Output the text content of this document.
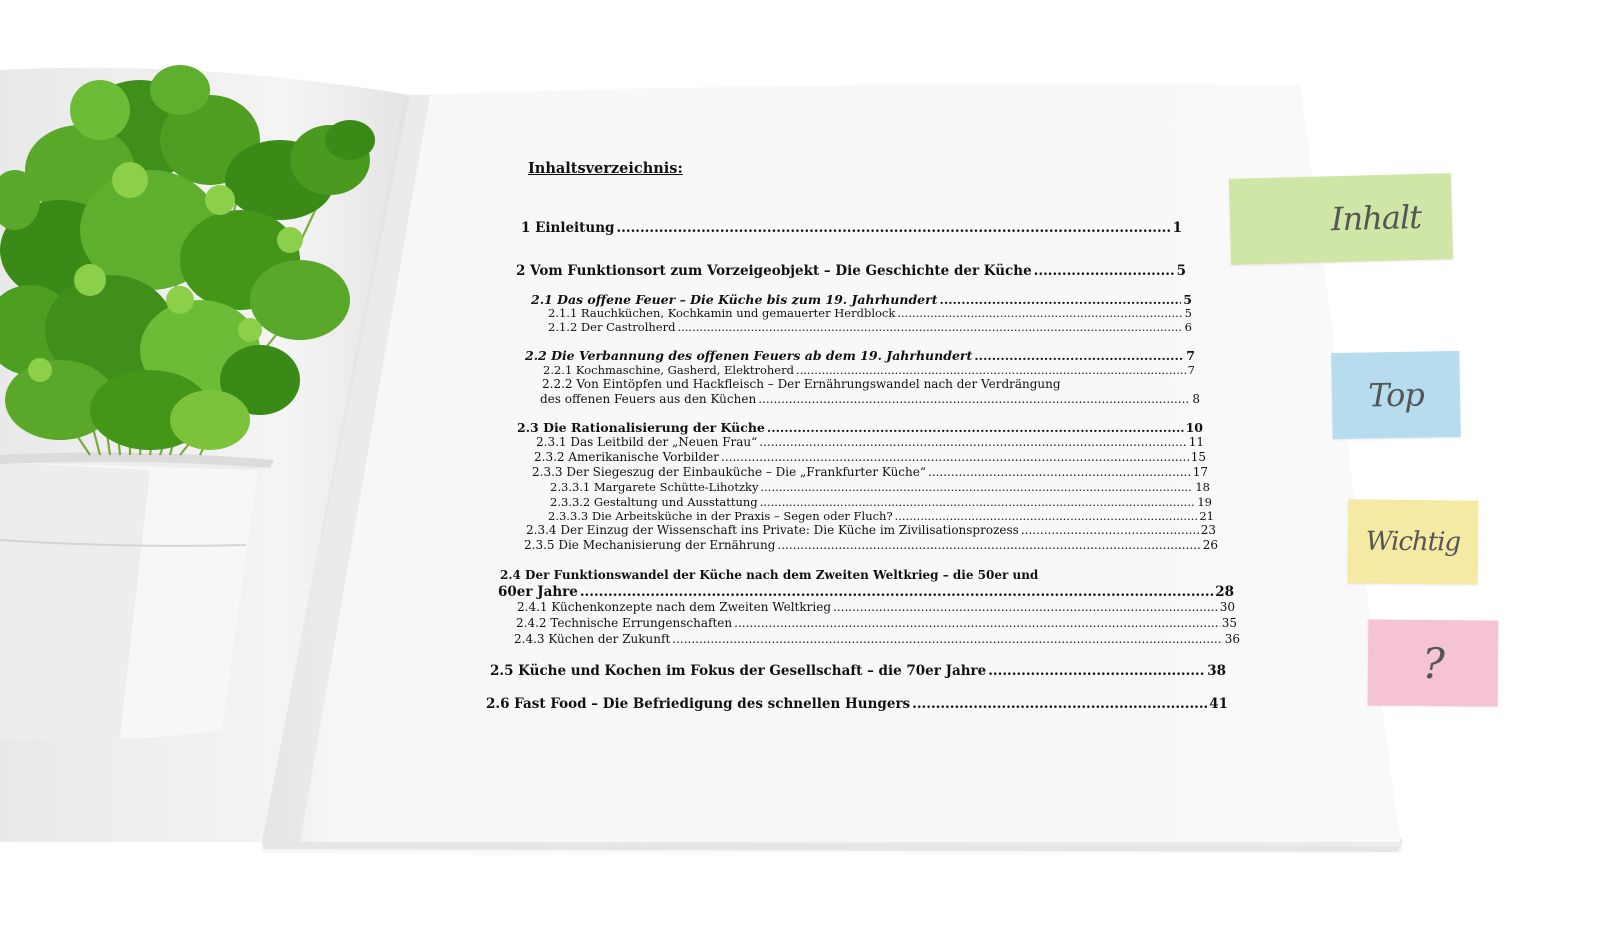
Inhaltsverzeichnis:
1 Einleitung .....	1
2 Vom Funktionsort zum Vorzeigeobjekt – Die Geschichte der Küche .....	5
2.1 Das offene Feuer – Die Küche bis zum 19. Jahrhundert .....	5
2.1.1 Rauchküchen, Kochkamin und gemauerter Herdblock .....	5
2.1.2 Der Castrolherd .....	6
2.2 Die Verbannung des offenen Feuers ab dem 19. Jahrhundert .....	7
2.2.1 Kochmaschine, Gasherd, Elektroherd .....	7
2.2.2 Von Eintöpfen und Hackfleisch – Der Ernährungswandel nach der Verdrängung
des offenen Feuers aus den Küchen .....	8
2.3 Die Rationalisierung der Küche .....	10
2.3.1 Das Leitbild der „Neuen Frau“ .....	11
2.3.2 Amerikanische Vorbilder .....	15
2.3.3 Der Siegeszug der Einbauküche – Die „Frankfurter Küche“ .....	17
2.3.3.1 Margarete Schütte-Lihotzky .....	18
2.3.3.2 Gestaltung und Ausstattung .....	19
2.3.3.3 Die Arbeitsküche in der Praxis – Segen oder Fluch? .....	21
2.3.4 Der Einzug der Wissenschaft ins Private: Die Küche im Zivilisationsprozess .....	23
2.3.5 Die Mechanisierung der Ernährung .....	26
2.4 Der Funktionswandel der Küche nach dem Zweiten Weltkrieg – die 50er und
60er Jahre .....	28
2.4.1 Küchenkonzepte nach dem Zweiten Weltkrieg .....	30
2.4.2 Technische Errungenschaften .....	35
2.4.3 Küchen der Zukunft .....	36
2.5 Küche und Kochen im Fokus der Gesellschaft – die 70er Jahre .....	38
2.6 Fast Food – Die Befriedigung des schnellen Hungers .....	41
Inhalt
Top
Wichtig
?
